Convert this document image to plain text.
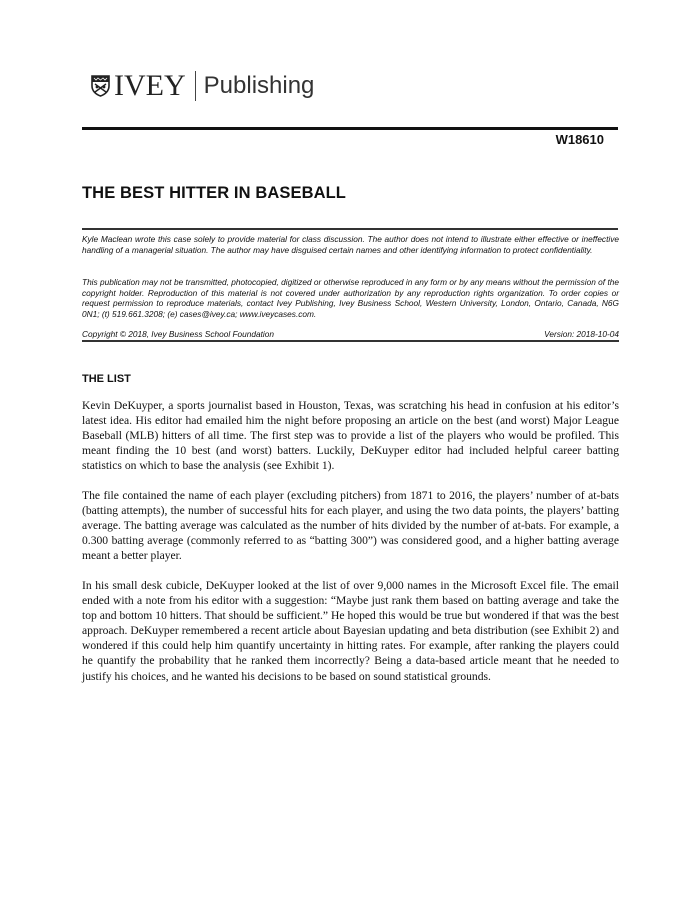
IVEY Publishing
W18610
THE BEST HITTER IN BASEBALL
Kyle Maclean wrote this case solely to provide material for class discussion. The author does not intend to illustrate either effective or ineffective handling of a managerial situation. The author may have disguised certain names and other identifying information to protect confidentiality.
This publication may not be transmitted, photocopied, digitized or otherwise reproduced in any form or by any means without the permission of the copyright holder. Reproduction of this material is not covered under authorization by any reproduction rights organization. To order copies or request permission to reproduce materials, contact Ivey Publishing, Ivey Business School, Western University, London, Ontario, Canada, N6G 0N1; (t) 519.661.3208; (e) cases@ivey.ca; www.iveycases.com.
Copyright © 2018, Ivey Business School Foundation	Version: 2018-10-04
THE LIST
Kevin DeKuyper, a sports journalist based in Houston, Texas, was scratching his head in confusion at his editor’s latest idea. His editor had emailed him the night before proposing an article on the best (and worst) Major League Baseball (MLB) hitters of all time. The first step was to provide a list of the players who would be profiled. This meant finding the 10 best (and worst) batters. Luckily, DeKuyper editor had included helpful career batting statistics on which to base the analysis (see Exhibit 1).
The file contained the name of each player (excluding pitchers) from 1871 to 2016, the players’ number of at-bats (batting attempts), the number of successful hits for each player, and using the two data points, the players’ batting average. The batting average was calculated as the number of hits divided by the number of at-bats. For example, a 0.300 batting average (commonly referred to as “batting 300”) was considered good, and a higher batting average meant a better player.
In his small desk cubicle, DeKuyper looked at the list of over 9,000 names in the Microsoft Excel file. The email ended with a note from his editor with a suggestion: “Maybe just rank them based on batting average and take the top and bottom 10 hitters. That should be sufficient.” He hoped this would be true but wondered if that was the best approach. DeKuyper remembered a recent article about Bayesian updating and beta distribution (see Exhibit 2) and wondered if this could help him quantify uncertainty in hitting rates. For example, after ranking the players could he quantify the probability that he ranked them incorrectly? Being a data-based article meant that he needed to justify his choices, and he wanted his decisions to be based on sound statistical grounds.
